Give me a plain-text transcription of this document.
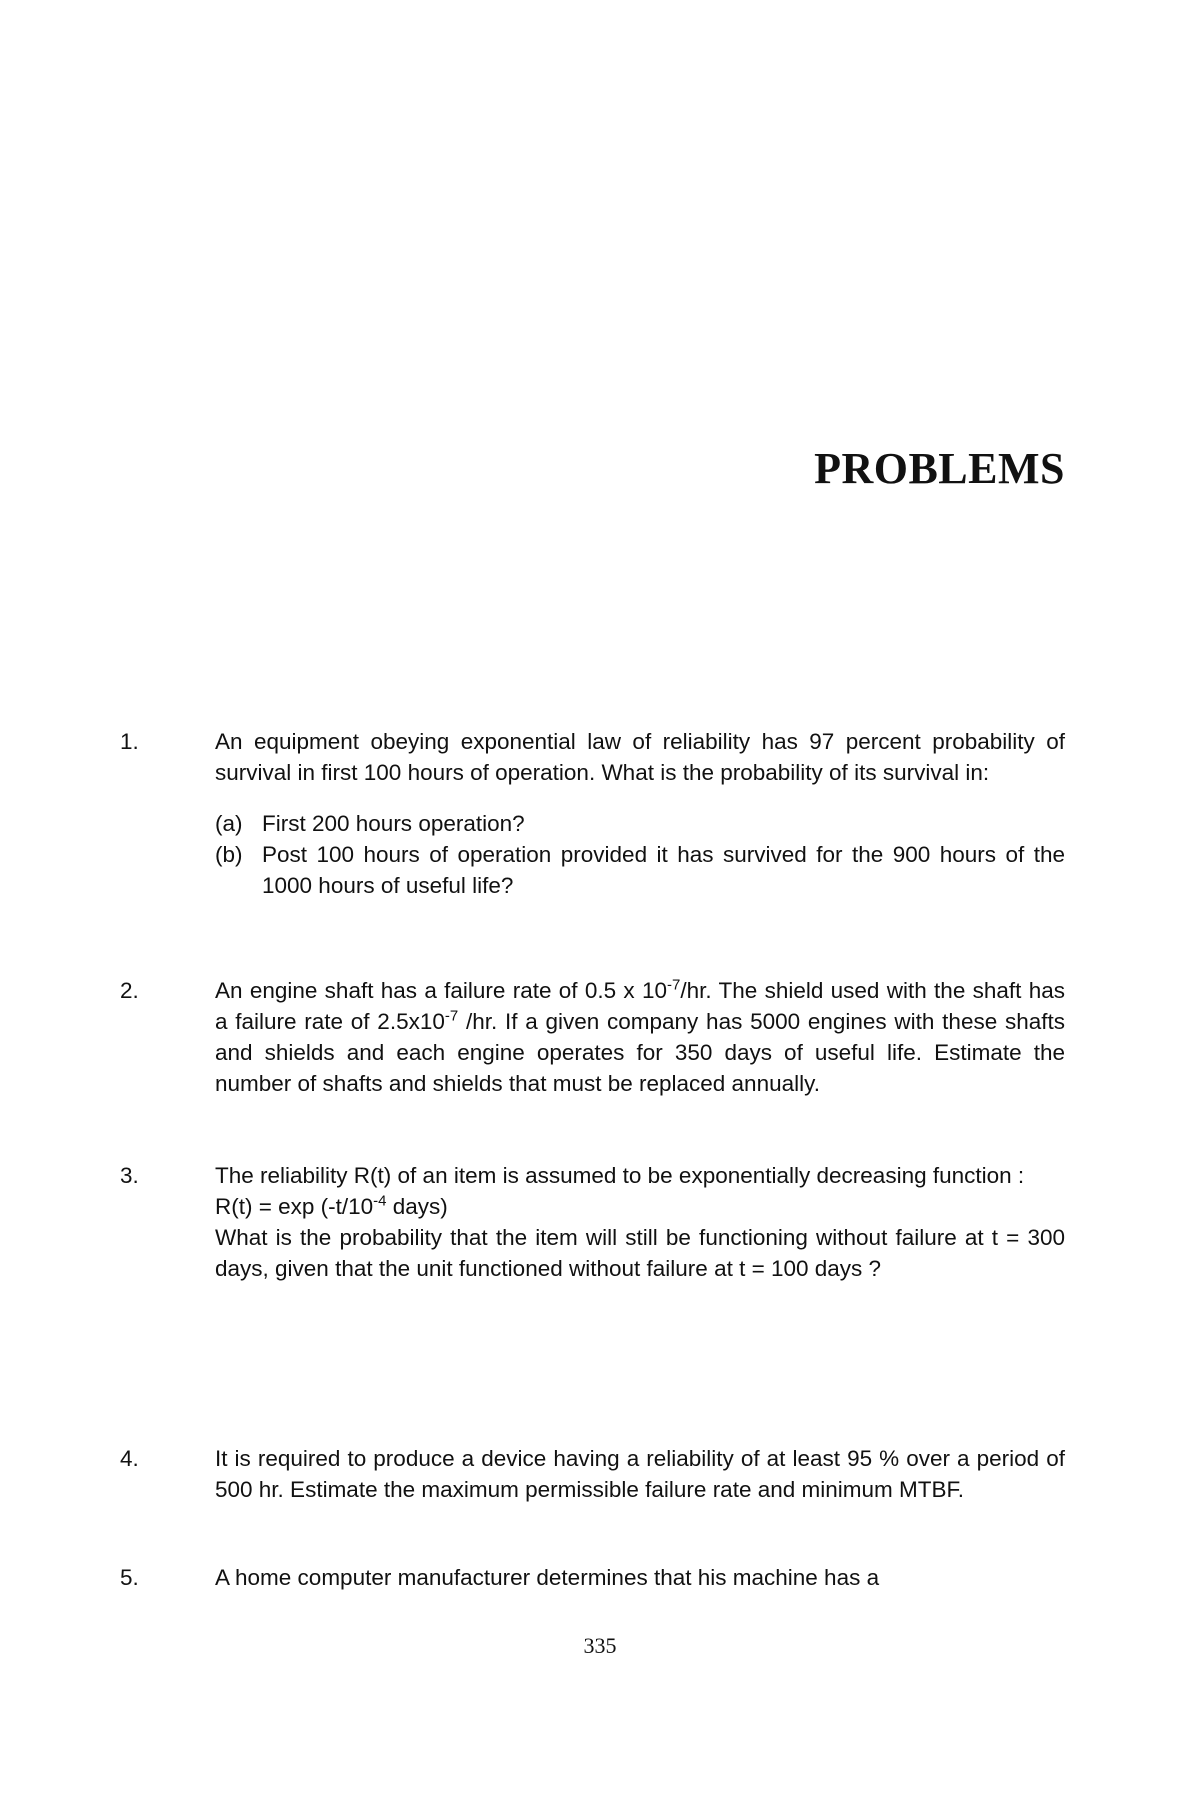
PROBLEMS
1.	An equipment obeying exponential law of reliability has 97 percent probability of survival in first 100 hours of operation. What is the probability of its survival in:

(a) First 200 hours operation?
(b) Post 100 hours of operation provided it has survived for the 900 hours of the 1000 hours of useful life?
2.	An engine shaft has a failure rate of 0.5 x $10^{-7}/hr$. The shield used with the shaft has a failure rate of $2.5x10^{-7}$ /hr. If a given company has 5000 engines with these shafts and shields and each engine operates for 350 days of useful life. Estimate the number of shafts and shields that must be replaced annually.

3.	The reliability R(t) of an item is assumed to be exponentially decreasing function :

$R(t) = \exp (-t/10^{-4}$ days)

What is the probability that the item will still be functioning without failure at t = 300 days, given that the unit functioned without failure at t = 100 days ?

4.	It is required to produce a device having a reliability of at least 95 % over a period of 500 hr. Estimate the maximum permissible failure rate and minimum MTBF.

5.	A home computer manufacturer determines that his machine has a

335
